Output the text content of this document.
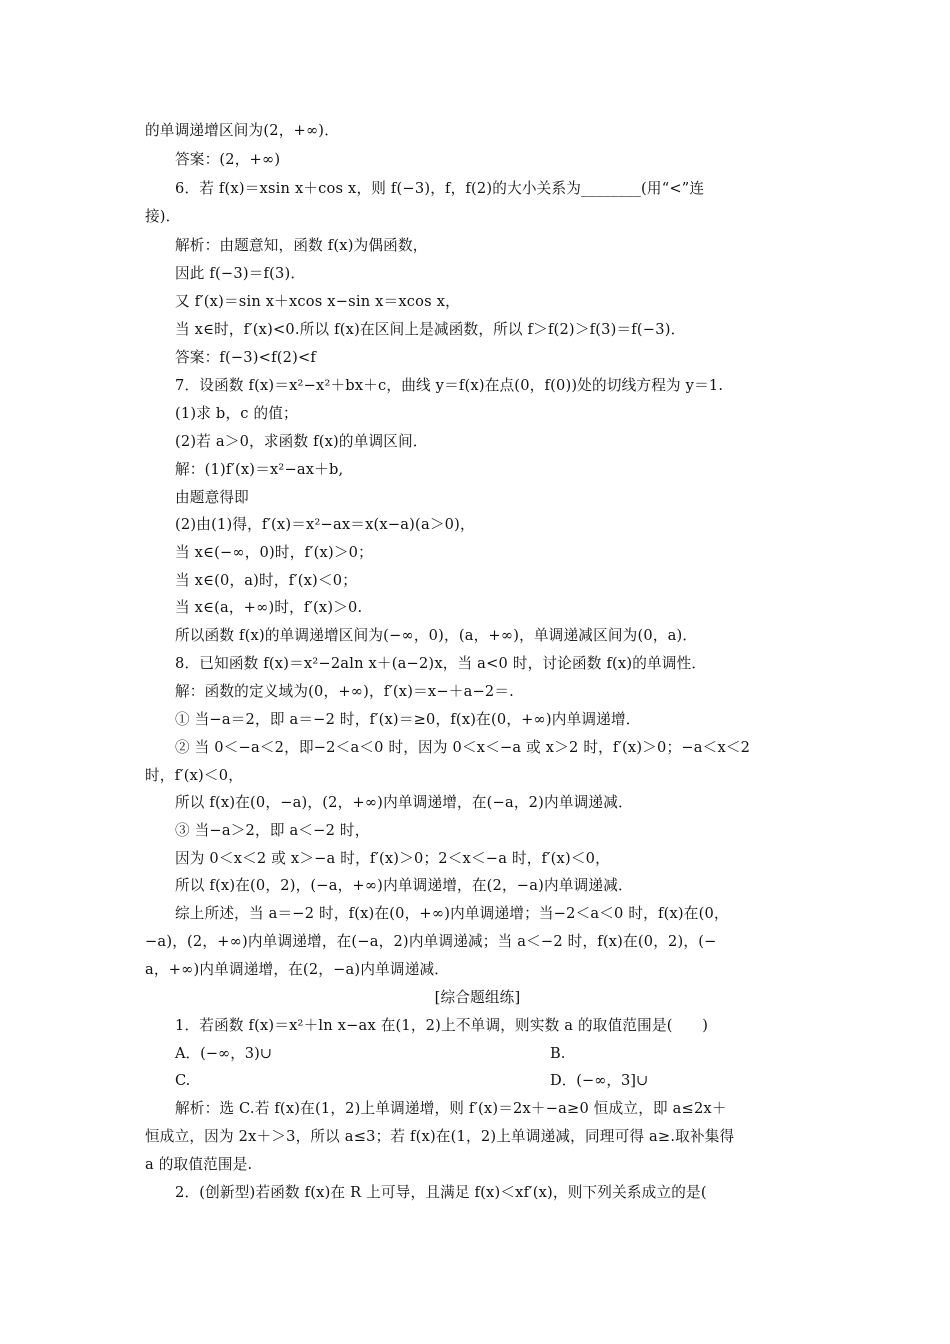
的单调递增区间为(2，+∞)．
答案：(2，+∞)
6．若 f(x)＝xsin x＋cos x，则 f(−3)，f，f(2)的大小关系为________(用“<”连
接)．
解析：由题意知，函数 f(x)为偶函数，
因此 f(−3)＝f(3)．
又 f′(x)＝sin x＋xcos x−sin x＝xcos x，
当 x∈时，f′(x)<0.所以 f(x)在区间上是减函数，所以 f＞f(2)＞f(3)＝f(−3)．
答案：f(−3)<f(2)<f
7．设函数 f(x)＝x²−x²＋bx＋c，曲线 y＝f(x)在点(0，f(0))处的切线方程为 y＝1.
(1)求 b，c 的值；
(2)若 a＞0，求函数 f(x)的单调区间．
解：(1)f′(x)＝x²−ax＋b,
由题意得即
(2)由(1)得，f′(x)＝x²−ax＝x(x−a)(a＞0)，
当 x∈(−∞，0)时，f′(x)＞0；
当 x∈(0，a)时，f′(x)＜0；
当 x∈(a，+∞)时，f′(x)＞0.
所以函数 f(x)的单调递增区间为(−∞，0)，(a，+∞)，单调递减区间为(0，a)．
8．已知函数 f(x)＝x²−2aln x＋(a−2)x，当 a<0 时，讨论函数 f(x)的单调性．
解：函数的定义域为(0，+∞)，f′(x)＝x−＋a−2＝.
① 当−a＝2，即 a＝−2 时，f′(x)＝≥0，f(x)在(0，+∞)内单调递增．
② 当 0＜−a＜2，即−2＜a＜0 时，因为 0＜x＜−a 或 x＞2 时，f′(x)＞0；−a＜x＜2
时，f′(x)＜0，
所以 f(x)在(0，−a)，(2，+∞)内单调递增，在(−a，2)内单调递减．
③ 当−a＞2，即 a＜−2 时，
因为 0＜x＜2 或 x＞−a 时，f′(x)＞0；2＜x＜−a 时，f′(x)＜0，
所以 f(x)在(0，2)，(−a，+∞)内单调递增，在(2，−a)内单调递减．
综上所述，当 a＝−2 时，f(x)在(0，+∞)内单调递增；当−2＜a＜0 时，f(x)在(0，
−a)，(2，+∞)内单调递增，在(−a，2)内单调递减；当 a＜−2 时，f(x)在(0，2)，(−
a，+∞)内单调递增，在(2，−a)内单调递减．
[综合题组练]
1．若函数 f(x)＝x²＋ln x−ax 在(1，2)上不单调，则实数 a 的取值范围是(　　)
A．(−∞，3)∪	B.
C.	D．(−∞，3]∪
解析：选 C.若 f(x)在(1，2)上单调递增，则 f′(x)＝2x＋−a≥0 恒成立，即 a≤2x＋
恒成立，因为 2x＋＞3，所以 a≤3；若 f(x)在(1，2)上单调递减，同理可得 a≥.取补集得
a 的取值范围是.
2．(创新型)若函数 f(x)在 R 上可导，且满足 f(x)＜xf′(x)，则下列关系成立的是(
